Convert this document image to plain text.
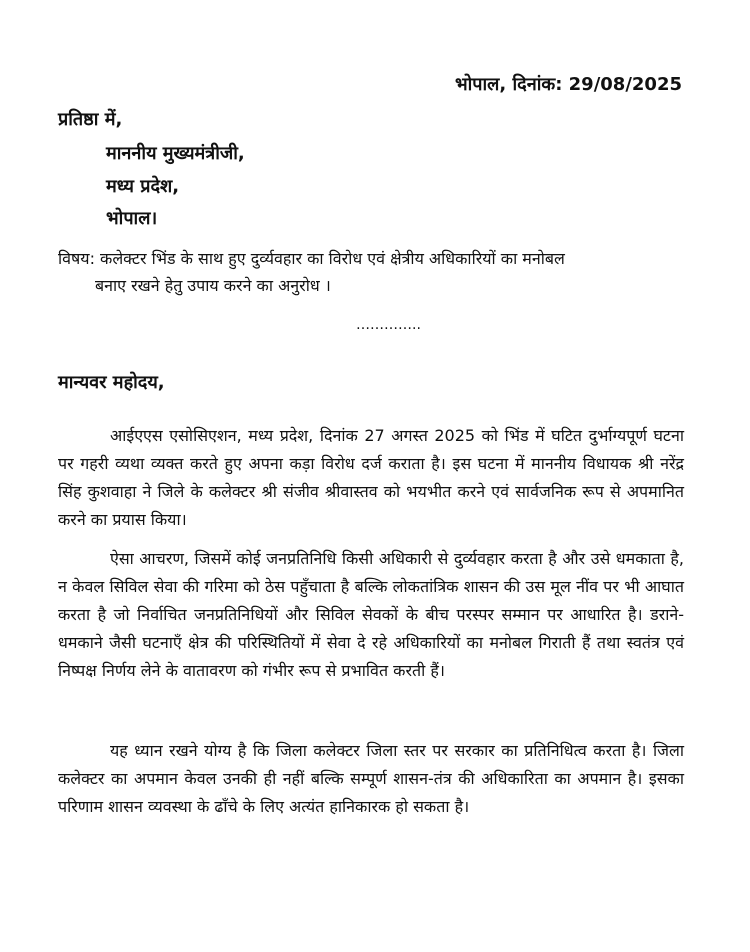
भोपाल, दिनांक: 29/08/2025
प्रतिष्ठा में,
माननीय मुख्यमंत्रीजी,
मध्य प्रदेश,
भोपाल।
विषय: कलेक्टर भिंड के साथ हुए दुर्व्यवहार का विरोध एवं क्षेत्रीय अधिकारियों का मनोबल
बनाए रखने हेतु उपाय करने का अनुरोध ।
…………..
मान्यवर महोदय,

आईएएस एसोसिएशन, मध्य प्रदेश, दिनांक 27 अगस्त 2025 को भिंड में घटित दुर्भाग्यपूर्ण घटना पर गहरी व्यथा व्यक्त करते हुए अपना कड़ा विरोध दर्ज कराता है। इस घटना में माननीय विधायक श्री नरेंद्र सिंह कुशवाहा ने जिले के कलेक्टर श्री संजीव श्रीवास्तव को भयभीत करने एवं सार्वजनिक रूप से अपमानित करने का प्रयास किया।

ऐसा आचरण, जिसमें कोई जनप्रतिनिधि किसी अधिकारी से दुर्व्यवहार करता है और उसे धमकाता है, न केवल सिविल सेवा की गरिमा को ठेस पहुँचाता है बल्कि लोकतांत्रिक शासन की उस मूल नींव पर भी आघात करता है जो निर्वाचित जनप्रतिनिधियों और सिविल सेवकों के बीच परस्पर सम्मान पर आधारित है। डराने-धमकाने जैसी घटनाएँ क्षेत्र की परिस्थितियों में सेवा दे रहे अधिकारियों का मनोबल गिराती हैं तथा स्वतंत्र एवं निष्पक्ष निर्णय लेने के वातावरण को गंभीर रूप से प्रभावित करती हैं।

यह ध्यान रखने योग्य है कि जिला कलेक्टर जिला स्तर पर सरकार का प्रतिनिधित्व करता है। जिला कलेक्टर का अपमान केवल उनकी ही नहीं बल्कि सम्पूर्ण शासन-तंत्र की अधिकारिता का अपमान है। इसका परिणाम शासन व्यवस्था के ढाँचे के लिए अत्यंत हानिकारक हो सकता है।
